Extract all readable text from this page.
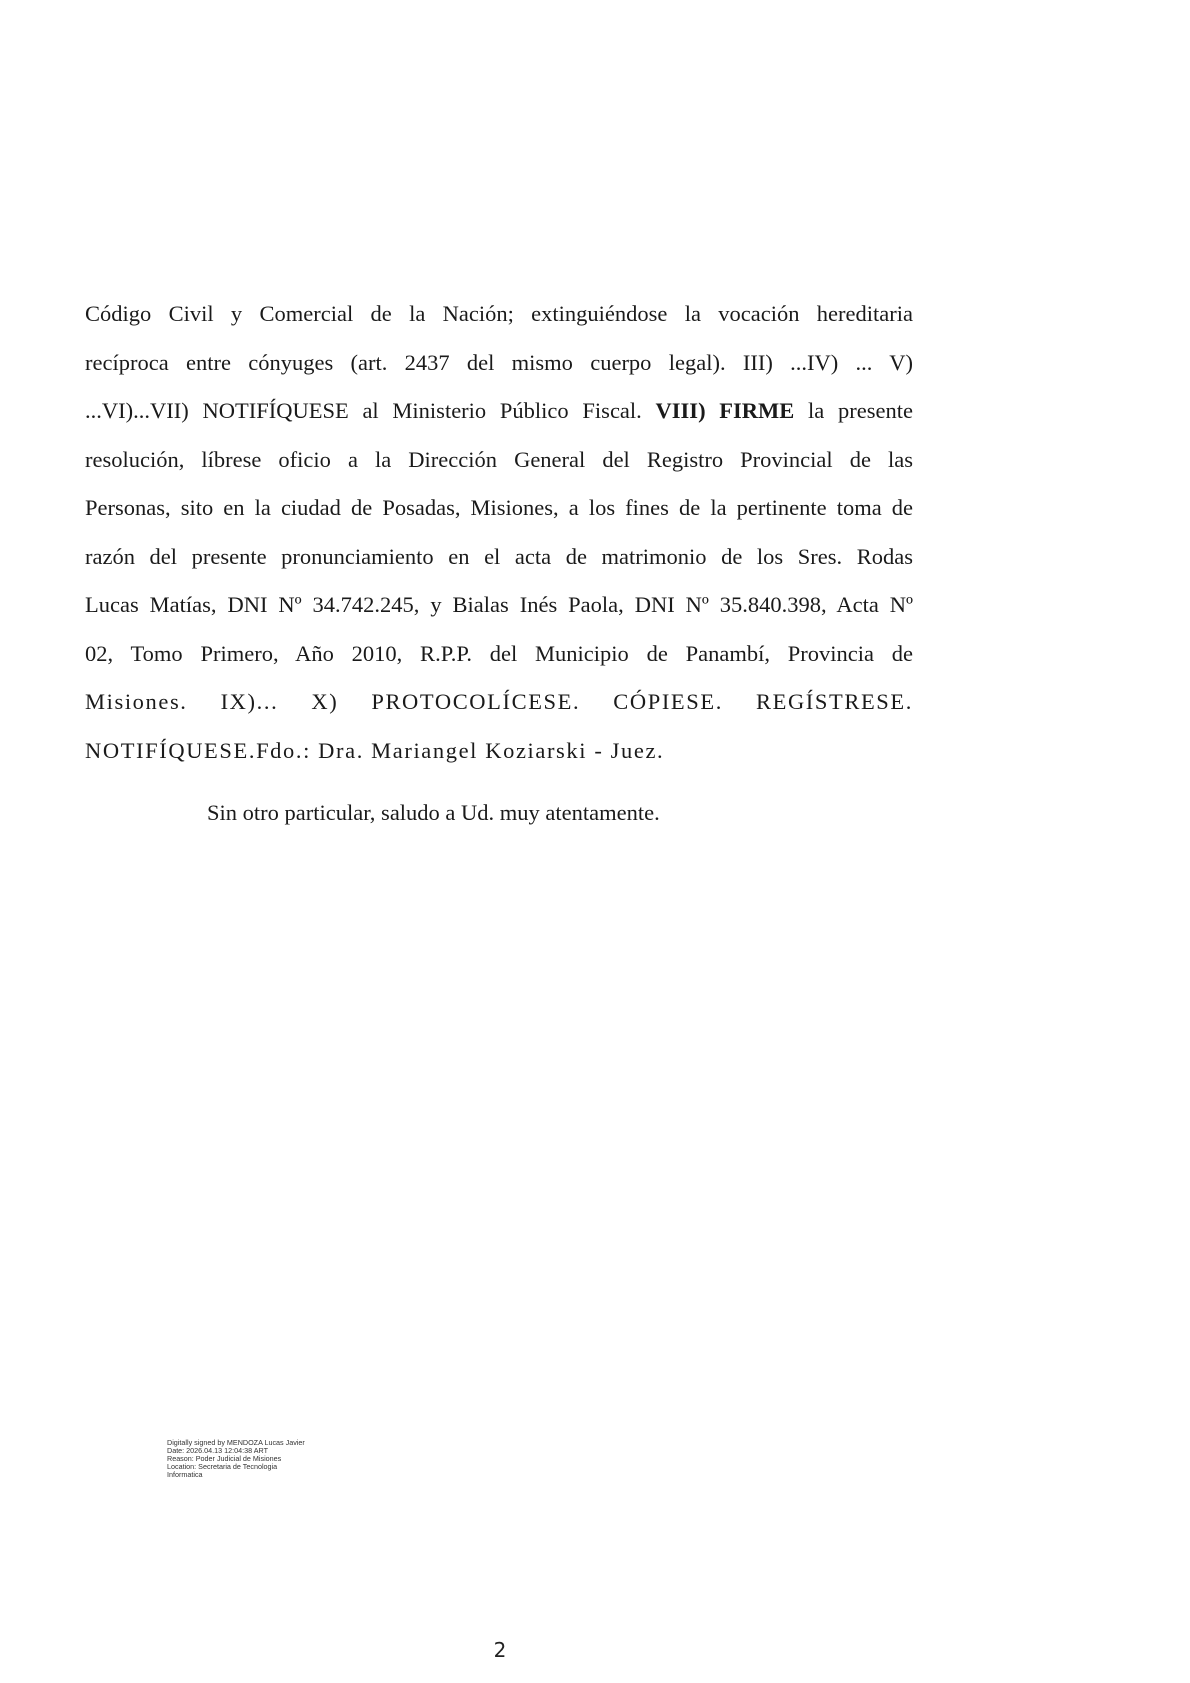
Código Civil y Comercial de la Nación; extinguiéndose la vocación hereditaria
recíproca entre cónyuges (art. 2437 del mismo cuerpo legal). III) ...IV) ... V)
...VI)...VII) NOTIFÍQUESE al Ministerio Público Fiscal. VIII) FIRME la presente
resolución, líbrese oficio a la Dirección General del Registro Provincial de las
Personas, sito en la ciudad de Posadas, Misiones, a los fines de la pertinente toma de
razón del presente pronunciamiento en el acta de matrimonio de los Sres. Rodas
Lucas Matías, DNI Nº 34.742.245, y Bialas Inés Paola, DNI Nº 35.840.398, Acta Nº
02, Tomo Primero, Año 2010, R.P.P. del Municipio de Panambí, Provincia de
Misiones. IX)... X) PROTOCOLÍCESE. CÓPIESE. REGÍSTRESE.
NOTIFÍQUESE.Fdo.: Dra. Mariangel Koziarski - Juez.
Sin otro particular, saludo a Ud. muy atentamente.
Digitally signed by MENDOZA Lucas Javier
Date: 2026.04.13 12:04:38 ART
Reason: Poder Judicial de Misiones
Location: Secretaria de Tecnologia
Informatica
2
